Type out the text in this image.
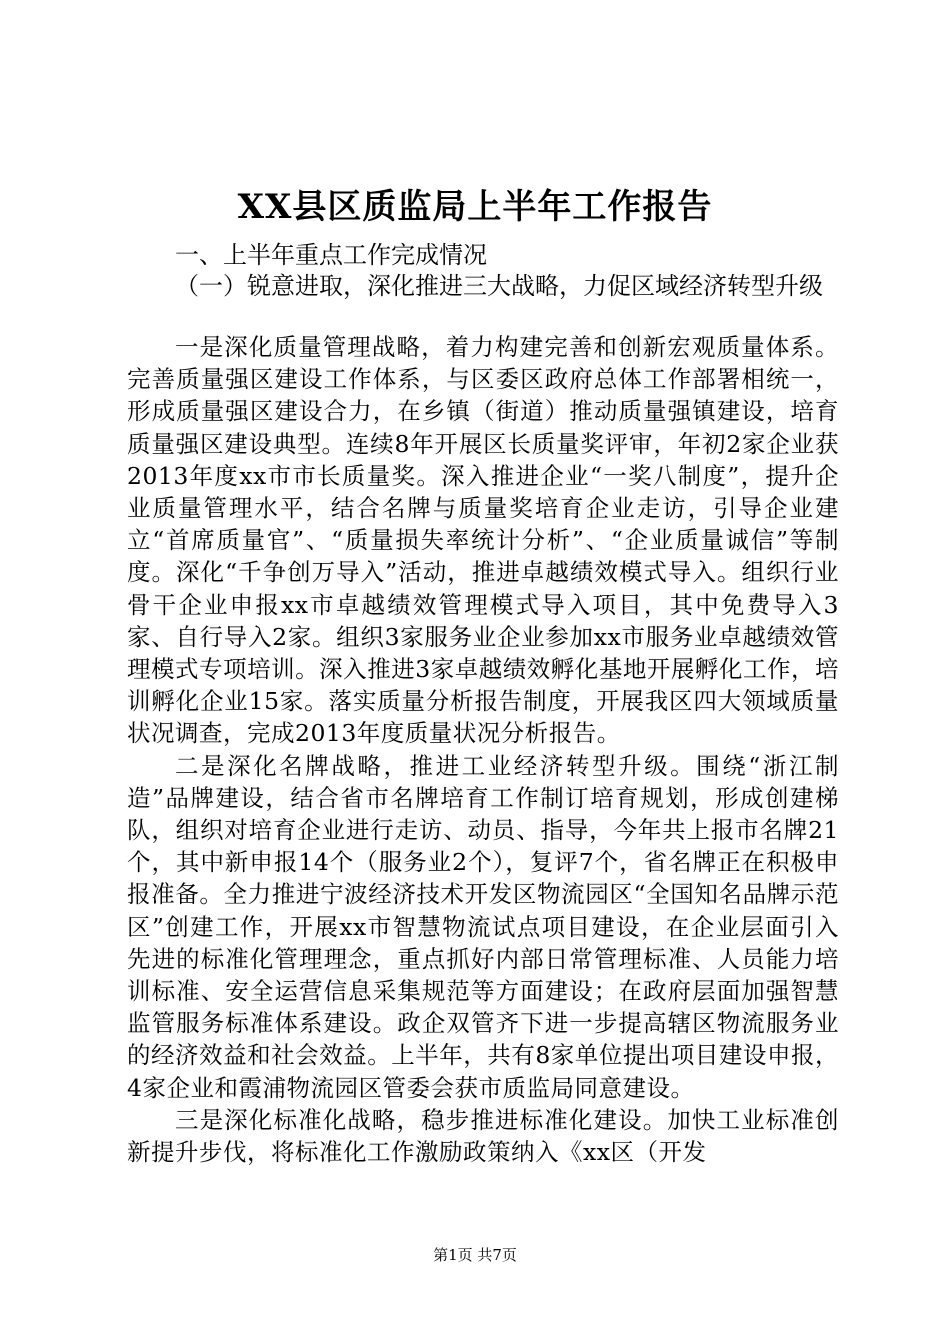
XX县区质监局上半年工作报告
一、上半年重点工作完成情况
（一）锐意进取，深化推进三大战略，力促区域经济转型升级

一是深化质量管理战略，着力构建完善和创新宏观质量体系。完善质量强区建设工作体系，与区委区政府总体工作部署相统一，形成质量强区建设合力，在乡镇（街道）推动质量强镇建设，培育质量强区建设典型。连续8年开展区长质量奖评审，年初2家企业获2013年度xx市市长质量奖。深入推进企业“一奖八制度”，提升企业质量管理水平，结合名牌与质量奖培育企业走访，引导企业建立“首席质量官”、“质量损失率统计分析”、“企业质量诚信”等制度。深化“千争创万导入”活动，推进卓越绩效模式导入。组织行业骨干企业申报xx市卓越绩效管理模式导入项目，其中免费导入3家、自行导入2家。组织3家服务业企业参加xx市服务业卓越绩效管理模式专项培训。深入推进3家卓越绩效孵化基地开展孵化工作，培训孵化企业15家。落实质量分析报告制度，开展我区四大领域质量状况调查，完成2013年度质量状况分析报告。

二是深化名牌战略，推进工业经济转型升级。围绕“浙江制造”品牌建设，结合省市名牌培育工作制订培育规划，形成创建梯队，组织对培育企业进行走访、动员、指导，今年共上报市名牌21个，其中新申报14个（服务业2个），复评7个，省名牌正在积极申报准备。全力推进宁波经济技术开发区物流园区“全国知名品牌示范区”创建工作，开展xx市智慧物流试点项目建设，在企业层面引入先进的标准化管理理念，重点抓好内部日常管理标准、人员能力培训标准、安全运营信息采集规范等方面建设；在政府层面加强智慧监管服务标准体系建设。政企双管齐下进一步提高辖区物流服务业的经济效益和社会效益。上半年，共有8家单位提出项目建设申报，4家企业和霞浦物流园区管委会获市质监局同意建设。

三是深化标准化战略，稳步推进标准化建设。加快工业标准创新提升步伐，将标准化工作激励政策纳入《xx区（开发

第1页 共7页
